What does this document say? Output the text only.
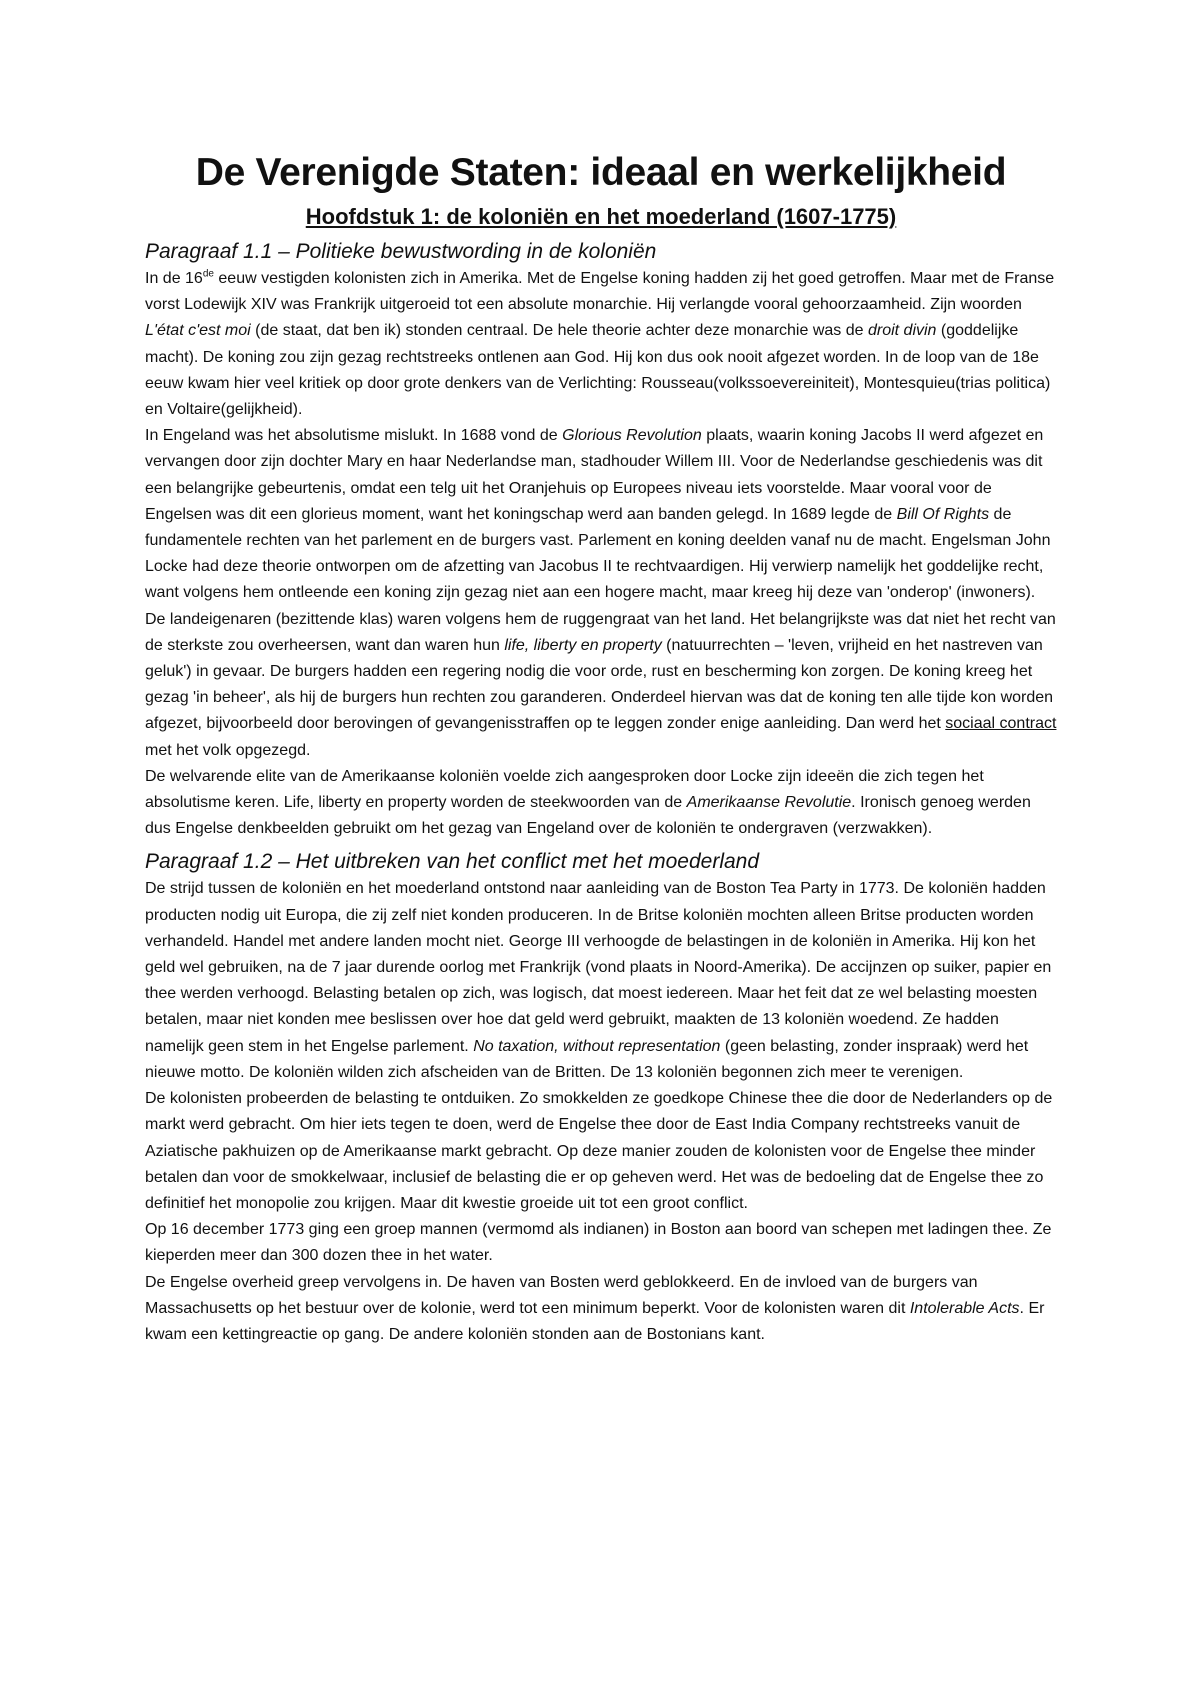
De Verenigde Staten: ideaal en werkelijkheid
Hoofdstuk 1: de koloniën en het moederland (1607-1775)
Paragraaf 1.1 – Politieke bewustwording in de koloniën

In de 16de eeuw vestigden kolonisten zich in Amerika. Met de Engelse koning hadden zij het goed getroffen. Maar met de Franse vorst Lodewijk XIV was Frankrijk uitgeroeid tot een absolute monarchie. Hij verlangde vooral gehoorzaamheid. Zijn woorden L'état c'est moi (de staat, dat ben ik) stonden centraal. De hele theorie achter deze monarchie was de droit divin (goddelijke macht). De koning zou zijn gezag rechtstreeks ontlenen aan God. Hij kon dus ook nooit afgezet worden. In de loop van de 18e eeuw kwam hier veel kritiek op door grote denkers van de Verlichting: Rousseau(volkssoevereiniteit), Montesquieu(trias politica) en Voltaire(gelijkheid).

In Engeland was het absolutisme mislukt. In 1688 vond de Glorious Revolution plaats, waarin koning Jacobs II werd afgezet en vervangen door zijn dochter Mary en haar Nederlandse man, stadhouder Willem III. Voor de Nederlandse geschiedenis was dit een belangrijke gebeurtenis, omdat een telg uit het Oranjehuis op Europees niveau iets voorstelde. Maar vooral voor de Engelsen was dit een glorieus moment, want het koningschap werd aan banden gelegd. In 1689 legde de Bill Of Rights de fundamentele rechten van het parlement en de burgers vast. Parlement en koning deelden vanaf nu de macht. Engelsman John Locke had deze theorie ontworpen om de afzetting van Jacobus II te rechtvaardigen. Hij verwierp namelijk het goddelijke recht, want volgens hem ontleende een koning zijn gezag niet aan een hogere macht, maar kreeg hij deze van 'onderop' (inwoners). De landeigenaren (bezittende klas) waren volgens hem de ruggengraat van het land. Het belangrijkste was dat niet het recht van de sterkste zou overheersen, want dan waren hun life, liberty en property (natuurrechten – 'leven, vrijheid en het nastreven van geluk') in gevaar. De burgers hadden een regering nodig die voor orde, rust en bescherming kon zorgen. De koning kreeg het gezag 'in beheer', als hij de burgers hun rechten zou garanderen. Onderdeel hiervan was dat de koning ten alle tijde kon worden afgezet, bijvoorbeeld door berovingen of gevangenisstraffen op te leggen zonder enige aanleiding. Dan werd het sociaal contract met het volk opgezegd.

De welvarende elite van de Amerikaanse koloniën voelde zich aangesproken door Locke zijn ideeën die zich tegen het absolutisme keren. Life, liberty en property worden de steekwoorden van de Amerikaanse Revolutie. Ironisch genoeg werden dus Engelse denkbeelden gebruikt om het gezag van Engeland over de koloniën te ondergraven (verzwakken).

Paragraaf 1.2 – Het uitbreken van het conflict met het moederland

De strijd tussen de koloniën en het moederland ontstond naar aanleiding van de Boston Tea Party in 1773. De koloniën hadden producten nodig uit Europa, die zij zelf niet konden produceren. In de Britse koloniën mochten alleen Britse producten worden verhandeld. Handel met andere landen mocht niet. George III verhoogde de belastingen in de koloniën in Amerika. Hij kon het geld wel gebruiken, na de 7 jaar durende oorlog met Frankrijk (vond plaats in Noord-Amerika). De accijnzen op suiker, papier en thee werden verhoogd. Belasting betalen op zich, was logisch, dat moest iedereen. Maar het feit dat ze wel belasting moesten betalen, maar niet konden mee beslissen over hoe dat geld werd gebruikt, maakten de 13 koloniën woedend. Ze hadden namelijk geen stem in het Engelse parlement. No taxation, without representation (geen belasting, zonder inspraak) werd het nieuwe motto. De koloniën wilden zich afscheiden van de Britten. De 13 koloniën begonnen zich meer te verenigen.

De kolonisten probeerden de belasting te ontduiken. Zo smokkelden ze goedkope Chinese thee die door de Nederlanders op de markt werd gebracht. Om hier iets tegen te doen, werd de Engelse thee door de East India Company rechtstreeks vanuit de Aziatische pakhuizen op de Amerikaanse markt gebracht. Op deze manier zouden de kolonisten voor de Engelse thee minder betalen dan voor de smokkelwaar, inclusief de belasting die er op geheven werd. Het was de bedoeling dat de Engelse thee zo definitief het monopolie zou krijgen. Maar dit kwestie groeide uit tot een groot conflict.

Op 16 december 1773 ging een groep mannen (vermomd als indianen) in Boston aan boord van schepen met ladingen thee. Ze kieperden meer dan 300 dozen thee in het water.

De Engelse overheid greep vervolgens in. De haven van Bosten werd geblokkeerd. En de invloed van de burgers van Massachusetts op het bestuur over de kolonie, werd tot een minimum beperkt. Voor de kolonisten waren dit Intolerable Acts. Er kwam een kettingreactie op gang. De andere koloniën stonden aan de Bostonians kant.
